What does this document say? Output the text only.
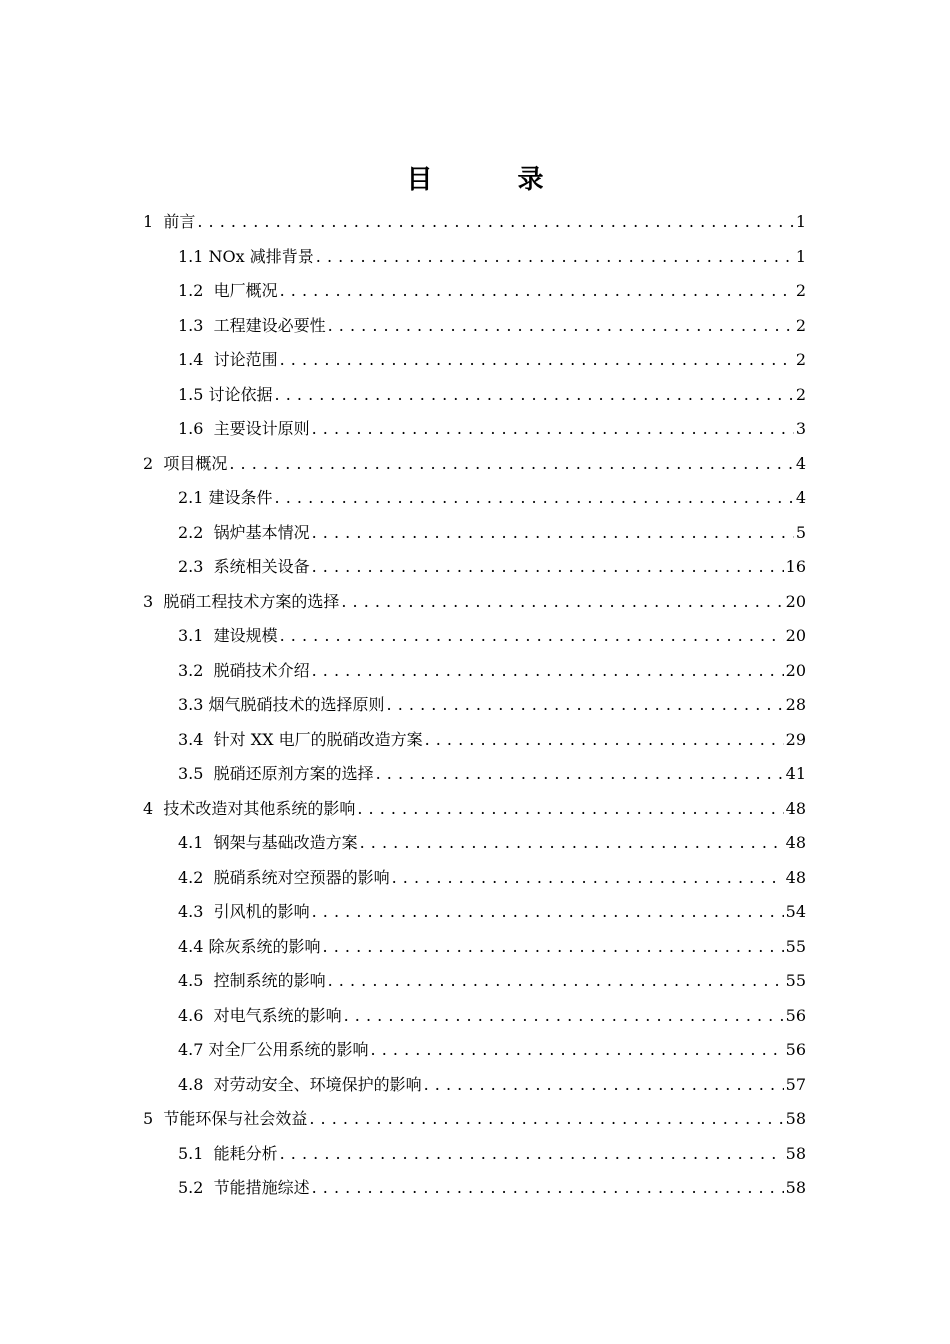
目 录
1  前言 . . .	1
1.1 NOx 减排背景 . . .	1
1.2  电厂概况 . . .	2
1.3  工程建设必要性 . . .	2
1.4  讨论范围 . . .	2
1.5 讨论依据 . . .	2
1.6  主要设计原则 . . .	3
2  项目概况 . . .	4
2.1 建设条件 . . .	4
2.2  锅炉基本情况 . . .	5
2.3  系统相关设备 . . .	16
3  脱硝工程技术方案的选择 . . .	20
3.1  建设规模 . . .	20
3.2  脱硝技术介绍 . . .	20
3.3 烟气脱硝技术的选择原则 . . .	28
3.4  针对 XX 电厂的脱硝改造方案 . . .	29
3.5  脱硝还原剂方案的选择 . . .	41
4  技术改造对其他系统的影响 . . .	48
4.1  钢架与基础改造方案 . . .	48
4.2  脱硝系统对空预器的影响 . . .	48
4.3  引风机的影响 . . .	54
4.4 除灰系统的影响 . . .	55
4.5  控制系统的影响 . . .	55
4.6  对电气系统的影响 . . .	56
4.7 对全厂公用系统的影响 . . .	56
4.8  对劳动安全、环境保护的影响 . . .	57
5  节能环保与社会效益 . . .	58
5.1  能耗分析 . . .	58
5.2  节能措施综述 . . .	58
